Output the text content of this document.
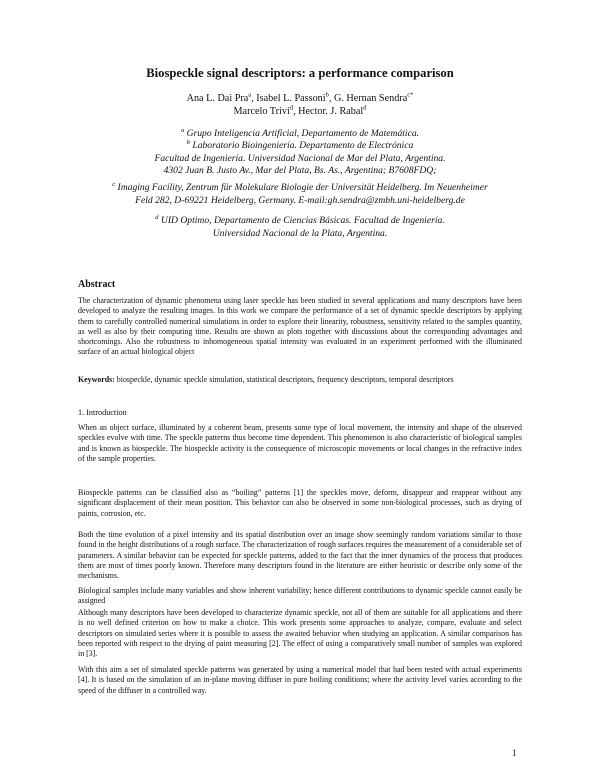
Biospeckle signal descriptors: a performance comparison
Ana L. Dai Pra$^a$, Isabel L. Passoni$^b$, G. Hernan Sendra$^{c*}$
Marcelo Trivi$^d$, Hector. J. Rabal$^d$
$^a$ Grupo Inteligencia Artificial, Departamento de Matemática.
$^b$ Laboratorio Bioingeniería. Departamento de Electrónica
Facultad de Ingeniería. Universidad Nacional de Mar del Plata, Argentina.
4302 Juan B. Justo Av., Mar del Plata, Bs. As., Argentina; B7608FDQ;
$^c$ Imaging Facility, Zentrum für Molekulare Biologie der Universität Heidelberg. Im Neuenheimer
Feld 282, D-69221 Heidelberg, Germany. E-mail:gh.sendra@zmbh.uni-heidelberg.de
$^d$ UID Optimo, Departamento de Ciencias Básicas. Facultad de Ingeniería.
Universidad Nacional de la Plata, Argentina.
Abstract
The characterization of dynamic phenomena using laser speckle has been studied in several applications and many descriptors have been developed to analyze the resulting images. In this work we compare the performance of a set of dynamic speckle descriptors by applying them to carefully controlled numerical simulations in order to explore their linearity, robustness, sensitivity related to the samples quantity, as well as also by their computing time. Results are shown as plots together with discussions about the corresponding advantages and shortcomings. Also the robustness to inhomogeneous spatial intensity was evaluated in an experiment performed with the illuminated surface of an actual biological object
Keywords: biospeckle, dynamic speckle simulation, statistical descriptors, frequency descriptors, temporal descriptors
1. Introduction
When an object surface, illuminated by a coherent beam, presents some type of local movement, the intensity and shape of the observed speckles evolve with time. The speckle patterns thus become time dependent. This phenomenon is also characteristic of biological samples and is known as biospeckle. The biospeckle activity is the consequence of microscopic movements or local changes in the refractive index of the sample properties.
Biospeckle patterns can be classified also as “boiling” patterns [1] the speckles move, deform, disappear and reappear without any significant displacement of their mean position. This behavior can also be observed in some non-biological processes, such as drying of paints, corrosion, etc.
Both the time evolution of a pixel intensity and its spatial distribution over an image show seemingly random variations similar to those found in the height distributions of a rough surface. The characterization of rough surfaces requires the measurement of a considerable set of parameters. A similar behavior can be expected for speckle patterns, added to the fact that the inner dynamics of the process that produces them are most of times poorly known. Therefore many descriptors found in the literature are either heuristic or describe only some of the mechanisms.
Biological samples include many variables and show inherent variability; hence different contributions to dynamic speckle cannot easily be assigned
Although many descriptors have been developed to characterize dynamic speckle, not all of them are suitable for all applications and there is no well defined criterion on how to make a choice. This work presents some approaches to analyze, compare, evaluate and select descriptors on simulated series where it is possible to assess the awaited behavior when studying an application. A similar comparison has been reported with respect to the drying of paint measuring [2]. The effect of using a comparatively small number of samples was explored in [3].
With this aim a set of simulated speckle patterns was generated by using a numerical model that had been tested with actual experiments [4]. It is based on the simulation of an in-plane moving diffuser in pure boiling conditions; where the activity level varies according to the speed of the diffuser in a controlled way.
1
